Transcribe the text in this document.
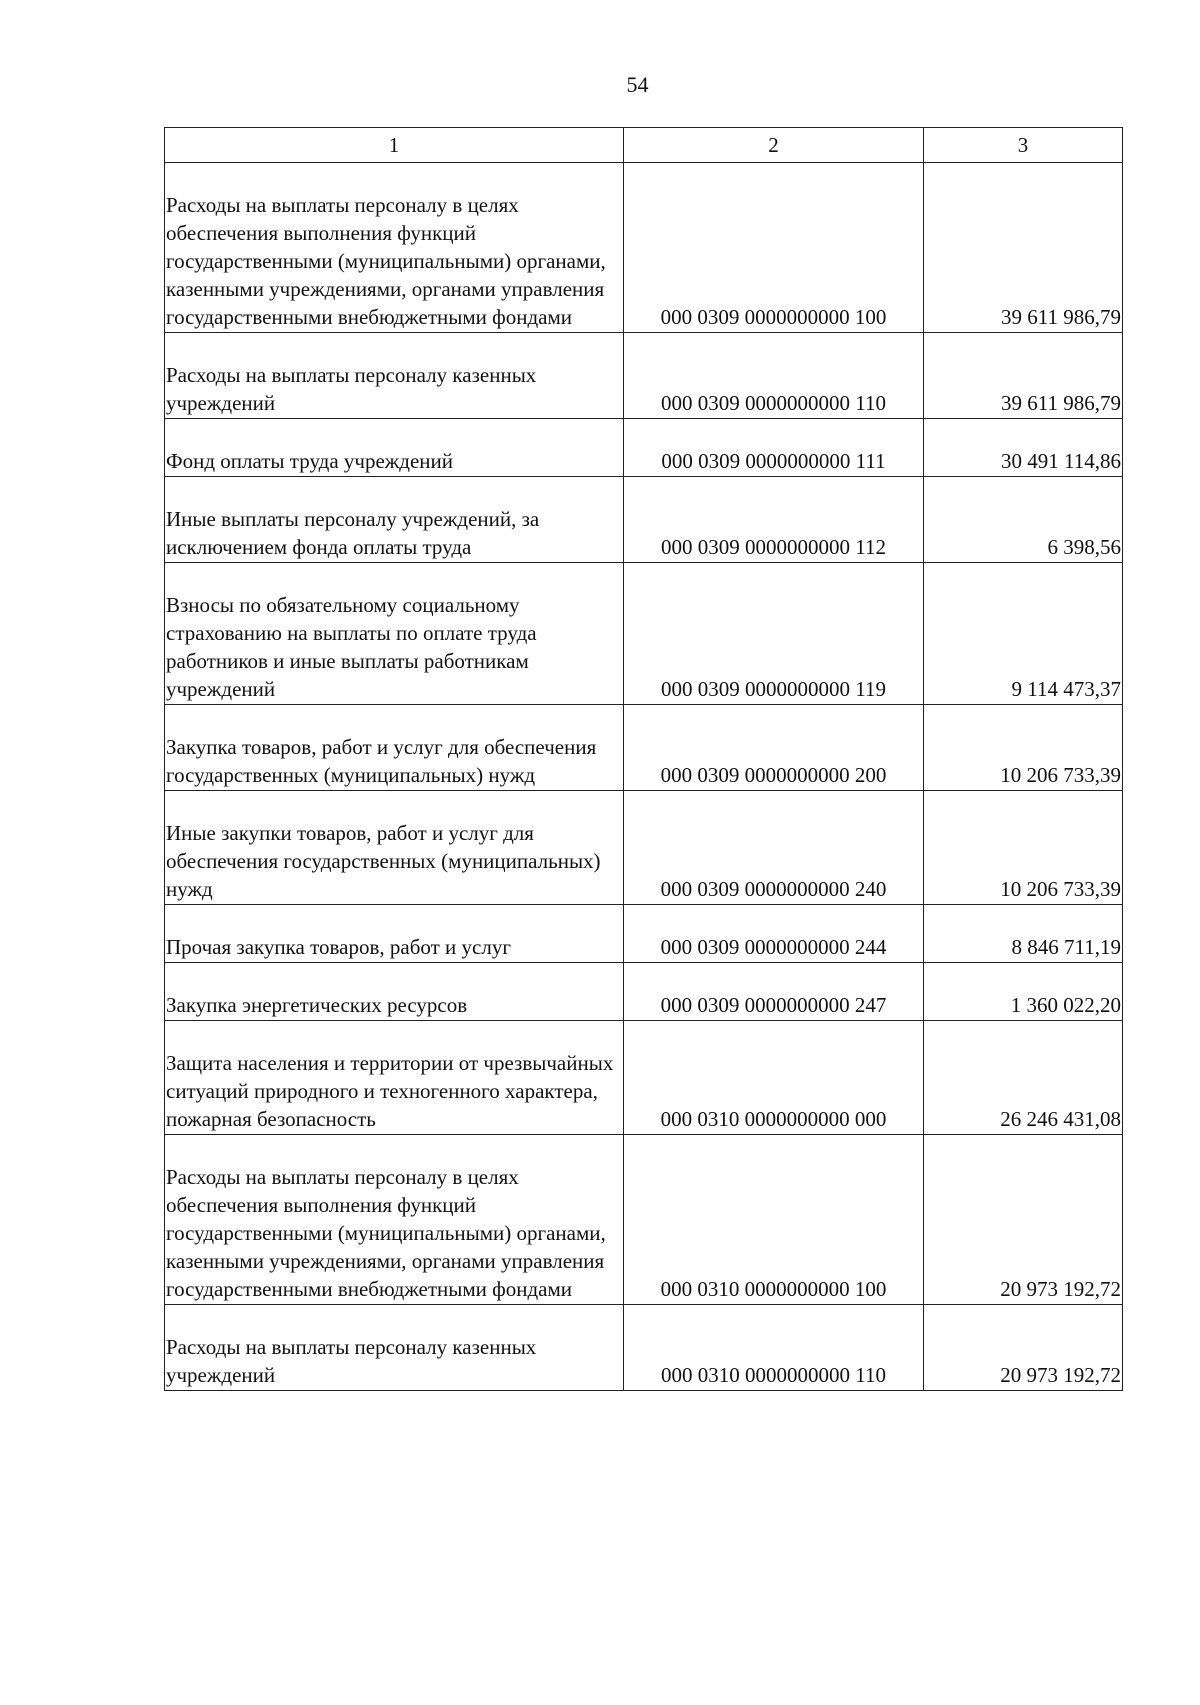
54
1	2	3
Расходы на выплаты персоналу в целях обеспечения выполнения функций государственными (муниципальными) органами, казенными учреждениями, органами управления государственными внебюджетными фондами	000 0309 0000000000 100	39 611 986,79
Расходы на выплаты персоналу казенных учреждений	000 0309 0000000000 110	39 611 986,79
Фонд оплаты труда учреждений	000 0309 0000000000 111	30 491 114,86
Иные выплаты персоналу учреждений, за исключением фонда оплаты труда	000 0309 0000000000 112	6 398,56
Взносы по обязательному социальному страхованию на выплаты по оплате труда работников и иные выплаты работникам учреждений	000 0309 0000000000 119	9 114 473,37
Закупка товаров, работ и услуг для обеспечения государственных (муниципальных) нужд	000 0309 0000000000 200	10 206 733,39
Иные закупки товаров, работ и услуг для обеспечения государственных (муниципальных) нужд	000 0309 0000000000 240	10 206 733,39
Прочая закупка товаров, работ и услуг	000 0309 0000000000 244	8 846 711,19
Закупка энергетических ресурсов	000 0309 0000000000 247	1 360 022,20
Защита населения и территории от чрезвычайных ситуаций природного и техногенного характера, пожарная безопасность	000 0310 0000000000 000	26 246 431,08
Расходы на выплаты персоналу в целях обеспечения выполнения функций государственными (муниципальными) органами, казенными учреждениями, органами управления государственными внебюджетными фондами	000 0310 0000000000 100	20 973 192,72
Расходы на выплаты персоналу казенных учреждений	000 0310 0000000000 110	20 973 192,72
